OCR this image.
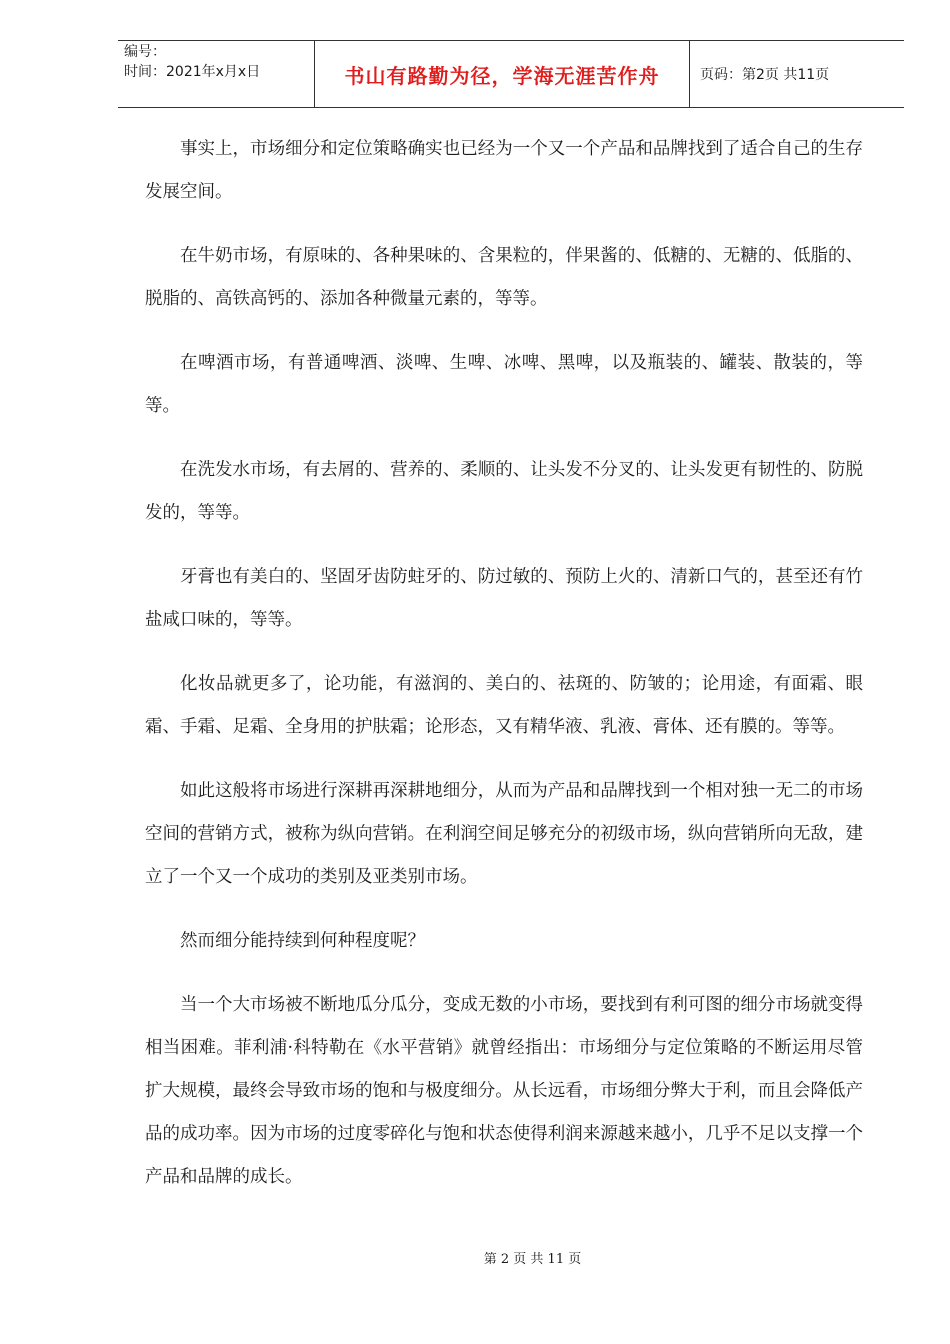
编号：
时间：2021年x月x日	书山有路勤为径，学海无涯苦作舟	页码：第2页 共11页

事实上，市场细分和定位策略确实也已经为一个又一个产品和品牌找到了适合自己的生存发展空间。

在牛奶市场，有原味的、各种果味的、含果粒的，伴果酱的、低糖的、无糖的、低脂的、脱脂的、高铁高钙的、添加各种微量元素的，等等。

在啤酒市场，有普通啤酒、淡啤、生啤、冰啤、黑啤，以及瓶装的、罐装、散装的，等等。

在洗发水市场，有去屑的、营养的、柔顺的、让头发不分叉的、让头发更有韧性的、防脱发的，等等。

牙膏也有美白的、坚固牙齿防蛀牙的、防过敏的、预防上火的、清新口气的，甚至还有竹盐咸口味的，等等。

化妆品就更多了，论功能，有滋润的、美白的、祛斑的、防皱的；论用途，有面霜、眼霜、手霜、足霜、全身用的护肤霜；论形态，又有精华液、乳液、膏体、还有膜的。等等。

如此这般将市场进行深耕再深耕地细分，从而为产品和品牌找到一个相对独一无二的市场空间的营销方式，被称为纵向营销。在利润空间足够充分的初级市场，纵向营销所向无敌，建立了一个又一个成功的类别及亚类别市场。

然而细分能持续到何种程度呢？

当一个大市场被不断地瓜分瓜分，变成无数的小市场，要找到有利可图的细分市场就变得相当困难。菲利浦·科特勒在《水平营销》就曾经指出：市场细分与定位策略的不断运用尽管扩大规模，最终会导致市场的饱和与极度细分。从长远看，市场细分弊大于利，而且会降低产品的成功率。因为市场的过度零碎化与饱和状态使得利润来源越来越小，几乎不足以支撑一个产品和品牌的成长。

第 2 页 共 11 页
